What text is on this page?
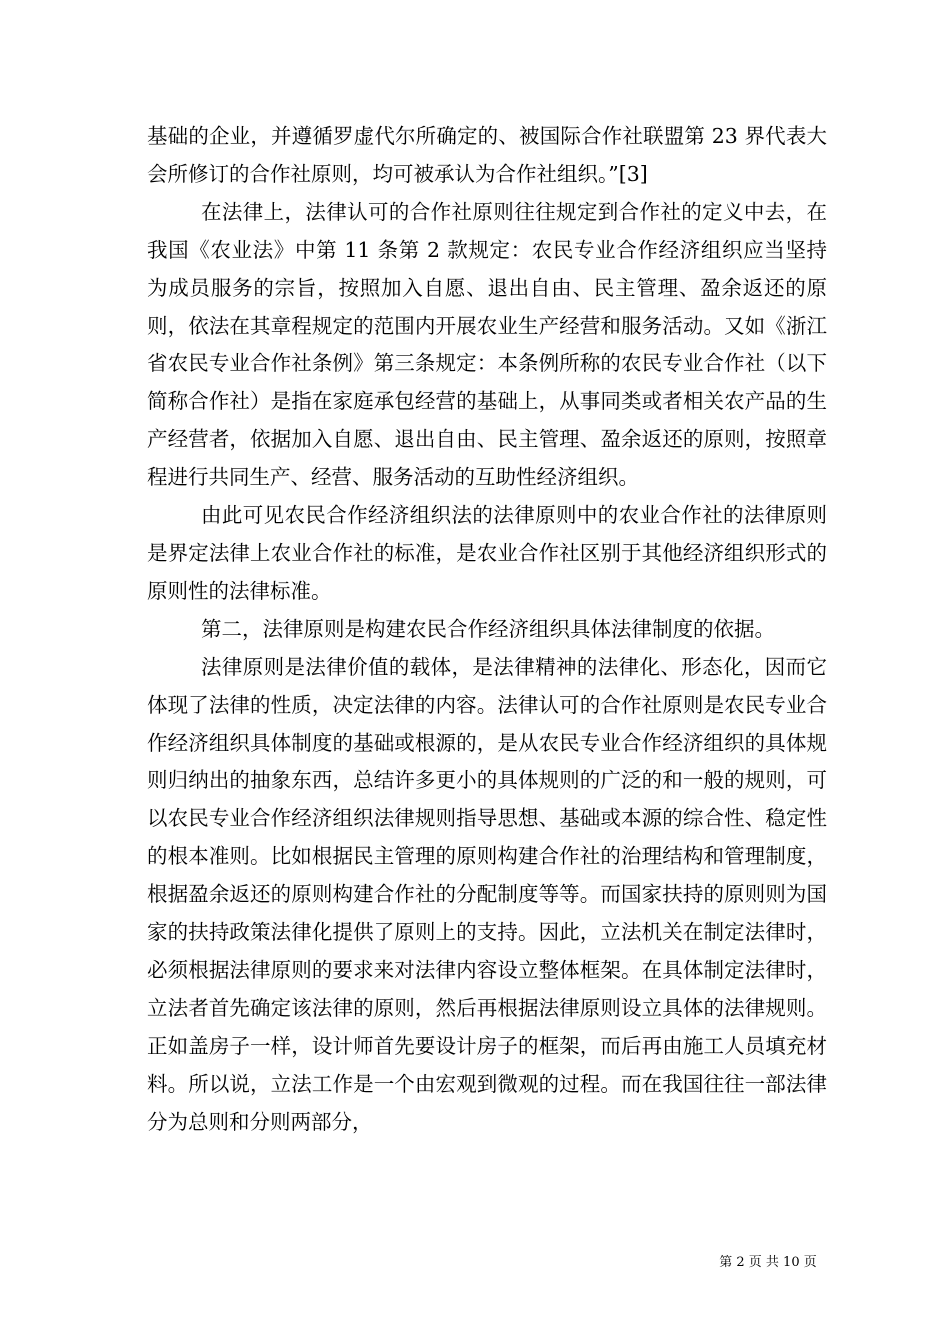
基础的企业，并遵循罗虚代尔所确定的、被国际合作社联盟第 23 界代表大会所修订的合作社原则，均可被承认为合作社组织。”[3]

在法律上，法律认可的合作社原则往往规定到合作社的定义中去，在我国《农业法》中第 11 条第 2 款规定：农民专业合作经济组织应当坚持为成员服务的宗旨，按照加入自愿、退出自由、民主管理、盈余返还的原则，依法在其章程规定的范围内开展农业生产经营和服务活动。又如《浙江省农民专业合作社条例》第三条规定：本条例所称的农民专业合作社（以下简称合作社）是指在家庭承包经营的基础上，从事同类或者相关农产品的生产经营者，依据加入自愿、退出自由、民主管理、盈余返还的原则，按照章程进行共同生产、经营、服务活动的互助性经济组织。

由此可见农民合作经济组织法的法律原则中的农业合作社的法律原则是界定法律上农业合作社的标准，是农业合作社区别于其他经济组织形式的原则性的法律标准。

第二，法律原则是构建农民合作经济组织具体法律制度的依据。

法律原则是法律价值的载体，是法律精神的法律化、形态化，因而它体现了法律的性质，决定法律的内容。法律认可的合作社原则是农民专业合作经济组织具体制度的基础或根源的，是从农民专业合作经济组织的具体规则归纳出的抽象东西，总结许多更小的具体规则的广泛的和一般的规则，可以农民专业合作经济组织法律规则指导思想、基础或本源的综合性、稳定性的根本准则。比如根据民主管理的原则构建合作社的治理结构和管理制度，根据盈余返还的原则构建合作社的分配制度等等。而国家扶持的原则则为国家的扶持政策法律化提供了原则上的支持。因此，立法机关在制定法律时，必须根据法律原则的要求来对法律内容设立整体框架。在具体制定法律时，立法者首先确定该法律的原则，然后再根据法律原则设立具体的法律规则。正如盖房子一样，设计师首先要设计房子的框架，而后再由施工人员填充材料。所以说，立法工作是一个由宏观到微观的过程。而在我国往往一部法律分为总则和分则两部分，

第 2 页 共 10 页
